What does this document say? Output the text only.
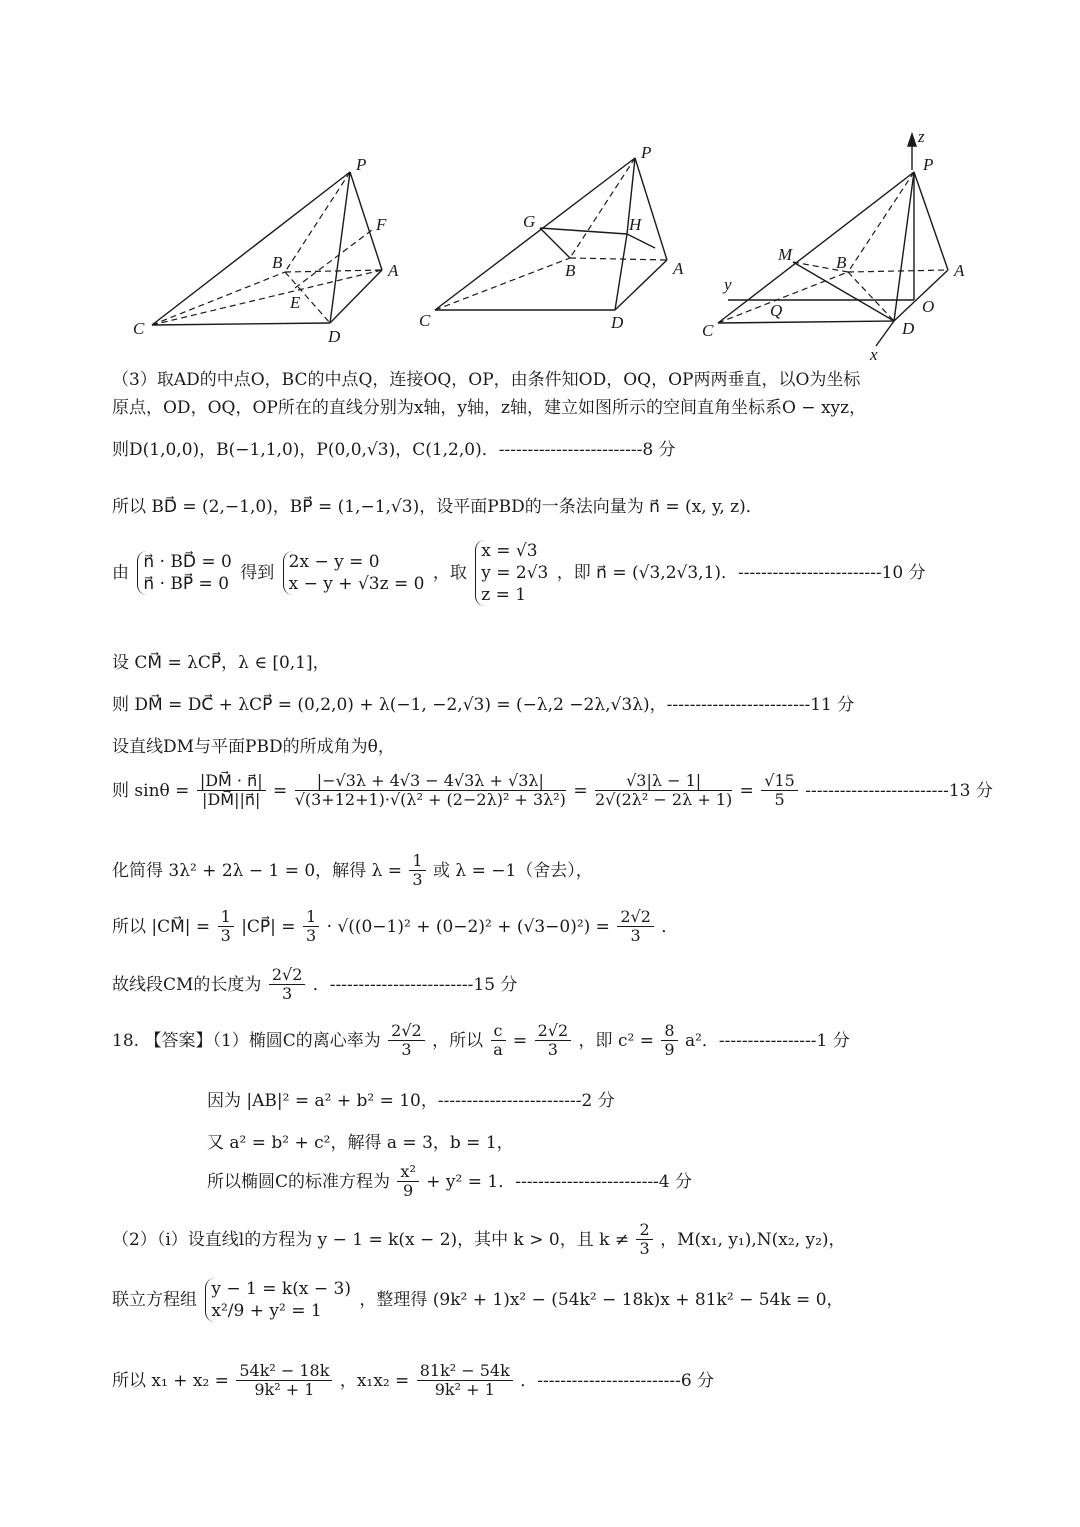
P
F
B	A
E
C	D
P
G	H
B	A
C	D
z
P
M	B	A
y
Q	O
C	D
x
（3）取AD的中点O，BC的中点Q，连接OQ，OP，由条件知OD，OQ，OP两两垂直，以O为坐标
原点，OD，OQ，OP所在的直线分别为x轴，y轴，z轴，建立如图所示的空间直角坐标系O − xyz，
则D(1,0,0)，B(−1,1,0)，P(0,0,√3)，C(1,2,0)．-------------------------8 分
所以 BD⃗ = (2,−1,0)，BP⃗ = (1,−1,√3)，设平面PBD的一条法向量为 n⃗ = (x, y, z)．
由
n⃗ · BD⃗ = 0
n⃗ · BP⃗ = 0
得到
2x − y = 0
x − y + √3z = 0
，取
x = √3
y = 2√3
z = 1
，即 n⃗ = (√3,2√3,1)．-------------------------10 分
设 CM⃗ = λCP⃗，λ ∈ [0,1]，
则 DM⃗ = DC⃗ + λCP⃗ = (0,2,0) + λ(−1, −2,√3) = (−λ,2 −2λ,√3λ)，-------------------------11 分
设直线DM与平面PBD的所成角为θ，
则 $\sin\theta = \frac{|DM⃗ \cdot n⃗|}{|DM⃗||n⃗|} = \frac{|-√3\lambda + 4√3 - 4√3\lambda + √3\lambda|}{\text{√(3+12+1)·√(λ² + (2−2λ)² + 3λ²)}} = \frac{√3|\lambda - 1|}{\text{2√(2λ² − 2λ + 1)}} = \frac{√15}{5} -------------------------13$ 分
化简得 3λ² + 2λ − 1 = 0，解得 $\lambda = \frac{1}{3}$ 或 λ = −1（舍去），
所以 |CM⃗| = $\frac{1}{3}$ |CP⃗| = $\frac{1}{3} \cdot √((0-1)^2 + (0-2)^2 + (√3-0)^2) = \frac{2√2}{3}$ ．
故线段CM的长度为 $\frac{2√2}{3}$ ．-------------------------15 分
18. 【答案】（1）椭圆C的离心率为 $\frac{2√2}{3}$ ，所以 $\frac{c}{a} = \frac{2√2}{3}$ ，即 $c^2 = \frac{8}{9} a^2$．-----------------1 分
因为 |AB|² = a² + b² = 10，-------------------------2 分
又 a² = b² + c²，解得 a = 3，b = 1，
所以椭圆C的标准方程为 $\frac{\text{x²}}{9} + y^2 = 1$．-------------------------4 分
（2）（i）设直线l的方程为 y − 1 = k(x − 2)，其中 k > 0，且 $k \ne \frac{2}{3}$ ，M(x₁, y₁),N(x₂, y₂)，
联立方程组
y − 1 = k(x − 3)
x²/9 + y² = 1
，整理得 (9k² + 1)x² − (54k² − 18k)x + 81k² − 54k = 0，
所以 $x_1 + x_2 = \frac{\text{54k² − 18k}}{\text{9k² + 1}}$ ，$x_1x_2 = \frac{\text{81k² − 54k}}{\text{9k² + 1}}$ ．-------------------------6 分
